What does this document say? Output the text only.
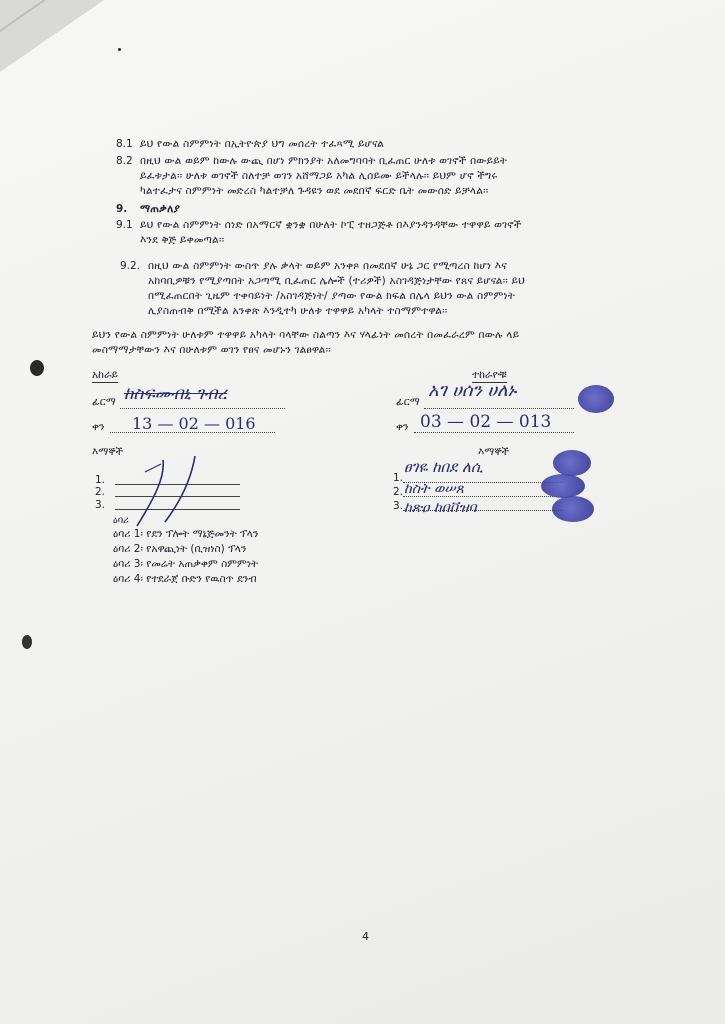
8.1 ይህ የውል ስምምነት በኢትዮጵያ ህግ መሰረት ተፈጻሚ ይሆናል
8.2 በዚህ ውል ወይም ከውሉ ውጪ በሆነ ምክንያት አለመግባባት ቢፈጠር ሁለቱ ወገኖች በውይይት
ይፈቱታል፡፡ ሁለቱ ወገኖች ስለተቻ ወገን አሸማጋይ አካል ሊሰይሙ ይችላሉ፡፡ ይህም ሆኖ ችግሩ
ካልተፈታና ስምምነት መድረስ ካልተቻለ ጉዳዩን ወደ መደበኛ ፍርድ ቤት መውሰድ ይቻላል፡፡
9. ማጠቃለያ
9.1 ይህ የውል ስምምነት ሰነድ በአማርኛ ቋንቋ በሁለት ኮፒ ተዘጋጅቶ በእያንዳንዳቸው ተዋዋይ ወገኖች
እንደ ቅጅ ይቀመጣል፡፡
9.2. በዚህ ውል ስምምነት ውስጥ ያሉ ቃላት ወይም አንቀጾ በመደበኛ ሁኔ ጋር የሚጣረስ ከሆነ እና
አከባቢዎቹን የሚያጣበት አጋጣሚ ቢፈጠር ሌሎች (ተሪዎች) አስገዳጅነታቸው የጸና ይሆናል፡፡ ይህ
በሚፈጠርበት ጊዜም ተቀባይነት /አስገዳጅነት/ ያጣው የውል ክፍል በሌላ ይህን ውል ስምምነት
ሊያስጠብቅ በሚችል አንቀጽ እንዲተካ ሁለቱ ተዋዋይ አካላት ተስማምተዋል፡፡
ይህን የውል ስምምነት ሁለቱም ተዋዋይ አካላት ባላቸው ስልጣን እና ሃላፊነት መሰረት በመፈራረም በውሉ ላይ
መስማማታቸውን እና በሁለቱም ወገን የፀና መሆኑን ገልፀዋል፡፡
አከራይ
ፊርማ ከስፍመብኒ ገብረ
ቀን 13 — 02 — 016
እማኞች
1.
2.
3.
ዕባሪ
ዕባሪ 1፡ የደን ፕሎት ማኔጅመንት ፕላን
ዕባሪ 2፡ የአዋጪነት (ቢዝነስ) ፕላን
ዕባሪ 3፡ የመሬት አጠቃቀም ስምምነት
ዕባሪ 4፡ የተደራጀ ቡድን የዉስጥ ደንብ
ተከራዮቹ
ፊርማ
አገ ሀሰን ሀለኑ
ቀን 03 — 02 — 013
እማኞች
1.
2.
3.
ፀገዬ ከበደ ለሲ
ከስት ወሠጸ
ከጽዐ ከበቨዝባ
4
